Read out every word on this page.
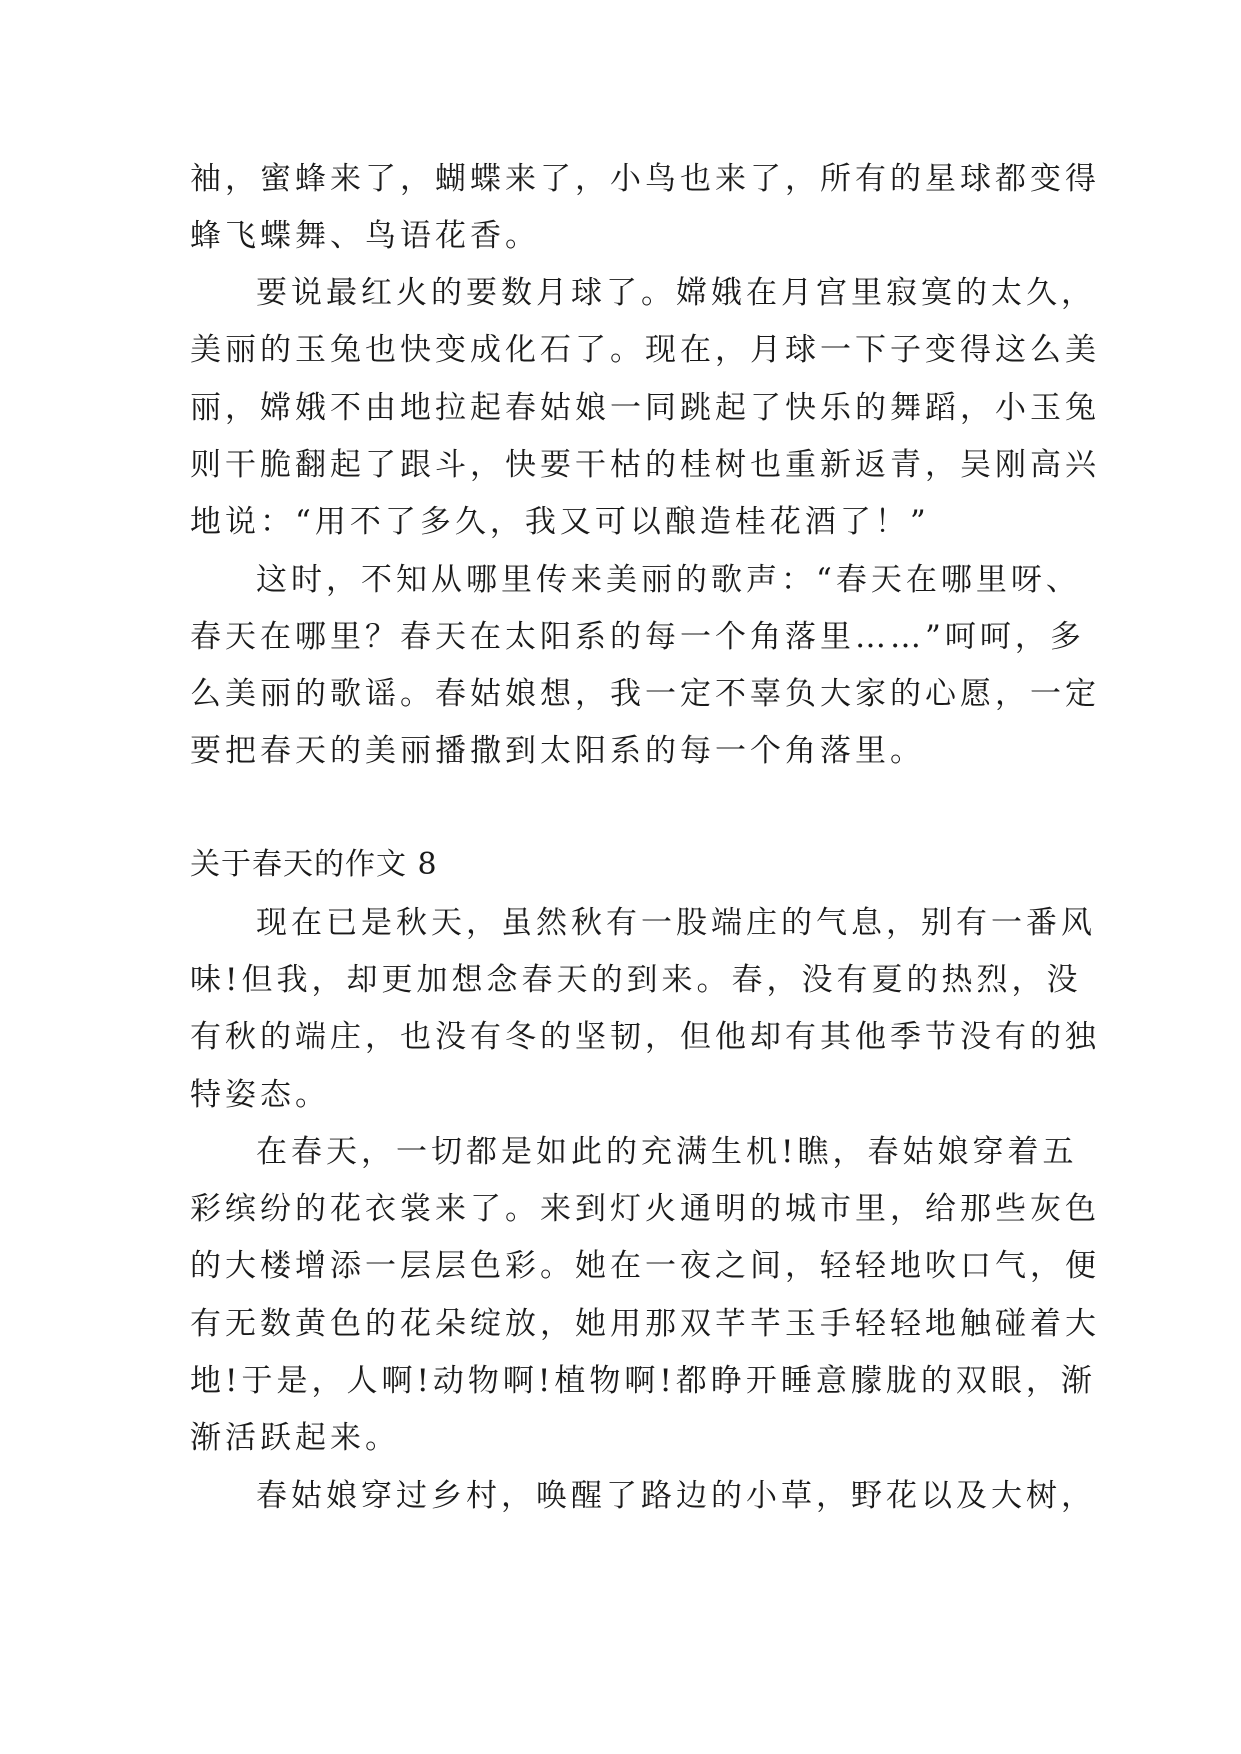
袖，蜜蜂来了，蝴蝶来了，小鸟也来了，所有的星球都变得
蜂飞蝶舞、鸟语花香。
要说最红火的要数月球了。嫦娥在月宫里寂寞的太久，
美丽的玉兔也快变成化石了。现在，月球一下子变得这么美
丽，嫦娥不由地拉起春姑娘一同跳起了快乐的舞蹈，小玉兔
则干脆翻起了跟斗，快要干枯的桂树也重新返青，吴刚高兴
地说：“用不了多久，我又可以酿造桂花酒了！”
这时，不知从哪里传来美丽的歌声：“春天在哪里呀、
春天在哪里？春天在太阳系的每一个角落里……”呵呵，多
么美丽的歌谣。春姑娘想，我一定不辜负大家的心愿，一定
要把春天的美丽播撒到太阳系的每一个角落里。
关于春天的作文 8
现在已是秋天，虽然秋有一股端庄的气息，别有一番风
味!但我，却更加想念春天的到来。春，没有夏的热烈，没
有秋的端庄，也没有冬的坚韧，但他却有其他季节没有的独
特姿态。
在春天，一切都是如此的充满生机!瞧，春姑娘穿着五
彩缤纷的花衣裳来了。来到灯火通明的城市里，给那些灰色
的大楼增添一层层色彩。她在一夜之间，轻轻地吹口气，便
有无数黄色的花朵绽放，她用那双芊芊玉手轻轻地触碰着大
地!于是，人啊!动物啊!植物啊!都睁开睡意朦胧的双眼，渐
渐活跃起来。
春姑娘穿过乡村，唤醒了路边的小草，野花以及大树，
